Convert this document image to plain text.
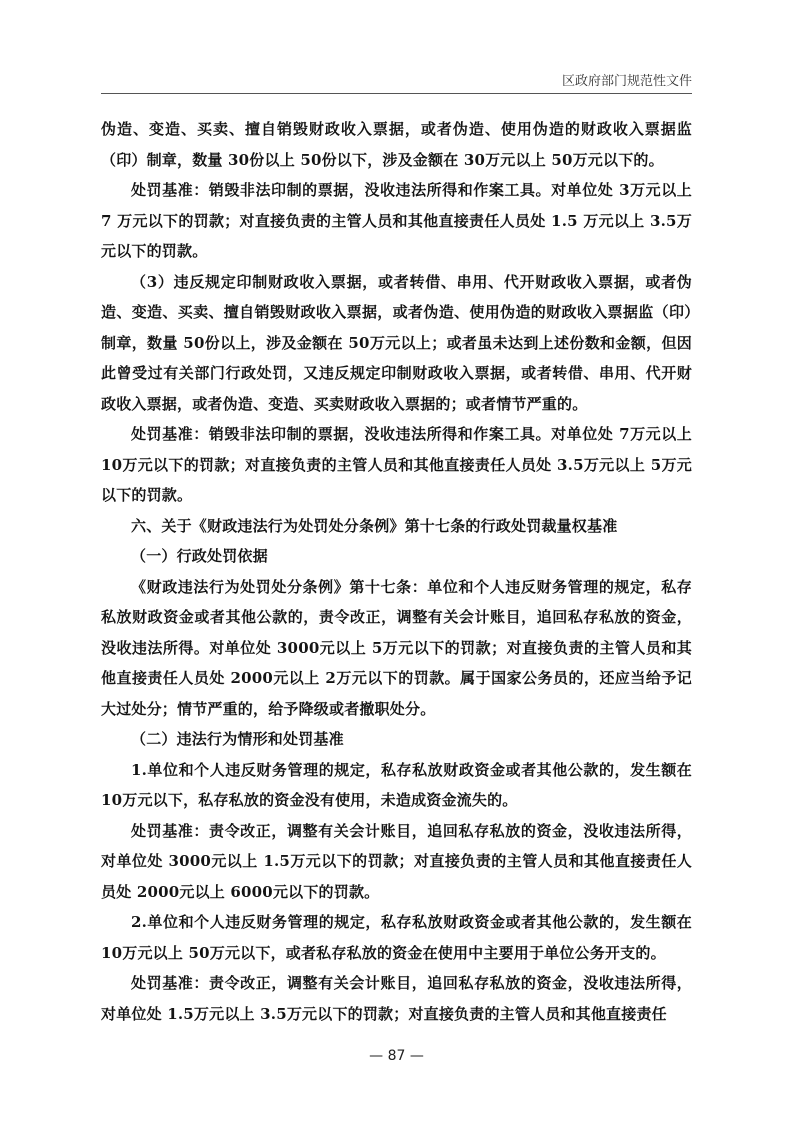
区政府部门规范性文件

伪造、变造、买卖、擅自销毁财政收入票据，或者伪造、使用伪造的财政收入票据监（印）制章，数量 30份以上 50份以下，涉及金额在 30万元以上 50万元以下的。

处罚基准：销毁非法印制的票据，没收违法所得和作案工具。对单位处 3万元以上 7 万元以下的罚款；对直接负责的主管人员和其他直接责任人员处 1.5 万元以上 3.5万元以下的罚款。

（3）违反规定印制财政收入票据，或者转借、串用、代开财政收入票据，或者伪造、变造、买卖、擅自销毁财政收入票据，或者伪造、使用伪造的财政收入票据监（印）制章，数量 50份以上，涉及金额在 50万元以上；或者虽未达到上述份数和金额，但因此曾受过有关部门行政处罚，又违反规定印制财政收入票据，或者转借、串用、代开财政收入票据，或者伪造、变造、买卖财政收入票据的；或者情节严重的。

处罚基准：销毁非法印制的票据，没收违法所得和作案工具。对单位处 7万元以上 10万元以下的罚款；对直接负责的主管人员和其他直接责任人员处 3.5万元以上 5万元以下的罚款。

六、关于《财政违法行为处罚处分条例》第十七条的行政处罚裁量权基准

（一）行政处罚依据

《财政违法行为处罚处分条例》第十七条：单位和个人违反财务管理的规定，私存私放财政资金或者其他公款的，责令改正，调整有关会计账目，追回私存私放的资金，没收违法所得。对单位处 3000元以上 5万元以下的罚款；对直接负责的主管人员和其他直接责任人员处 2000元以上 2万元以下的罚款。属于国家公务员的，还应当给予记大过处分；情节严重的，给予降级或者撤职处分。

（二）违法行为情形和处罚基准

1.单位和个人违反财务管理的规定，私存私放财政资金或者其他公款的，发生额在 10万元以下，私存私放的资金没有使用，未造成资金流失的。

处罚基准：责令改正，调整有关会计账目，追回私存私放的资金，没收违法所得，对单位处 3000元以上 1.5万元以下的罚款；对直接负责的主管人员和其他直接责任人员处 2000元以上 6000元以下的罚款。

2.单位和个人违反财务管理的规定，私存私放财政资金或者其他公款的，发生额在 10万元以上 50万元以下，或者私存私放的资金在使用中主要用于单位公务开支的。

处罚基准：责令改正，调整有关会计账目，追回私存私放的资金，没收违法所得，对单位处 1.5万元以上 3.5万元以下的罚款；对直接负责的主管人员和其他直接责任

— 87 —
